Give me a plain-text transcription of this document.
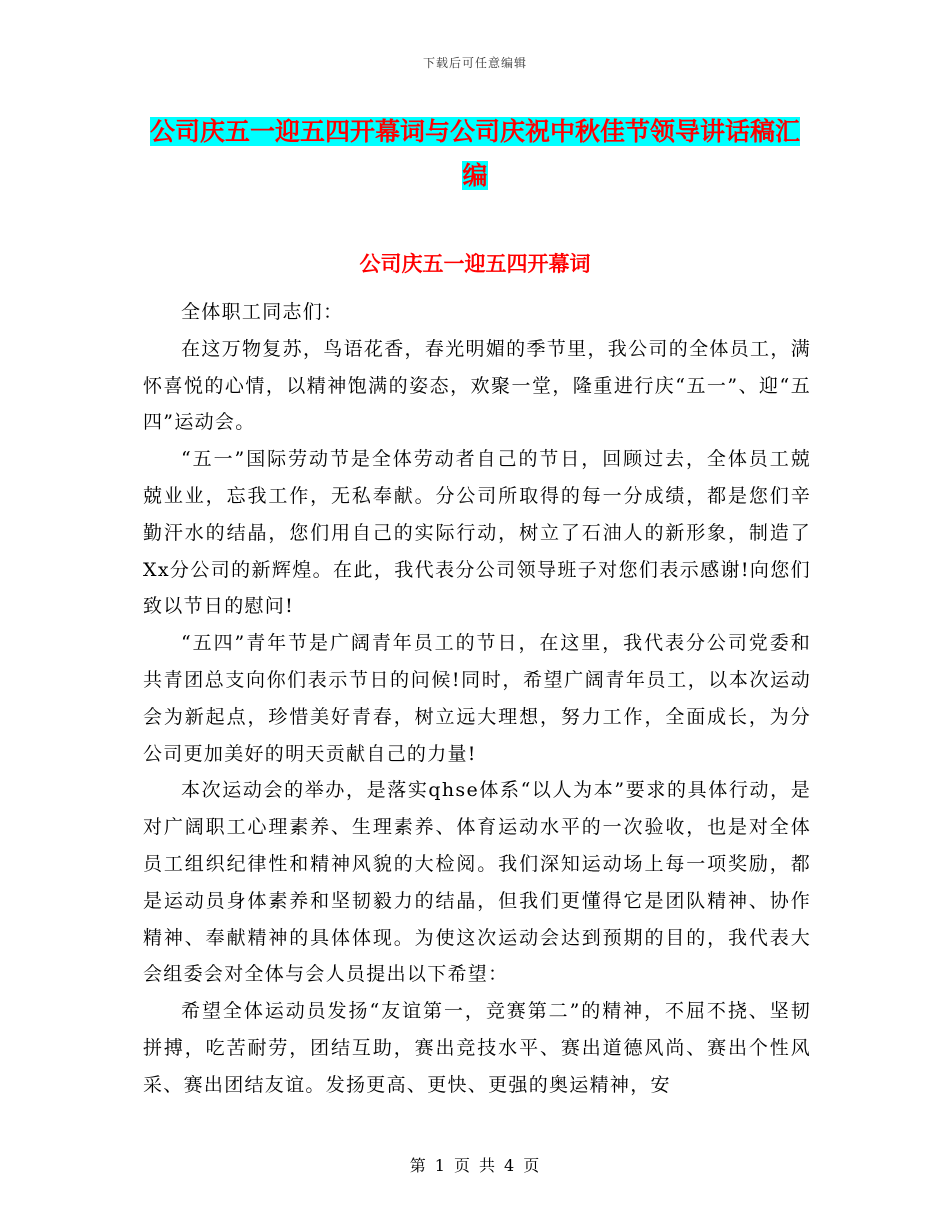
下载后可任意编辑
公司庆五一迎五四开幕词与公司庆祝中秋佳节领导讲话稿汇编
公司庆五一迎五四开幕词

全体职工同志们：

在这万物复苏，鸟语花香，春光明媚的季节里，我公司的全体员工，满怀喜悦的心情，以精神饱满的姿态，欢聚一堂，隆重进行庆“五一”、迎“五四”运动会。

“五一”国际劳动节是全体劳动者自己的节日，回顾过去，全体员工兢兢业业，忘我工作，无私奉献。分公司所取得的每一分成绩，都是您们辛勤汗水的结晶，您们用自己的实际行动，树立了石油人的新形象，制造了Xx分公司的新辉煌。在此，我代表分公司领导班子对您们表示感谢!向您们致以节日的慰问!

“五四”青年节是广阔青年员工的节日，在这里，我代表分公司党委和共青团总支向你们表示节日的问候!同时，希望广阔青年员工，以本次运动会为新起点，珍惜美好青春，树立远大理想，努力工作，全面成长，为分公司更加美好的明天贡献自己的力量!

本次运动会的举办，是落实qhse体系“以人为本”要求的具体行动，是对广阔职工心理素养、生理素养、体育运动水平的一次验收，也是对全体员工组织纪律性和精神风貌的大检阅。我们深知运动场上每一项奖励，都是运动员身体素养和坚韧毅力的结晶，但我们更懂得它是团队精神、协作精神、奉献精神的具体体现。为使这次运动会达到预期的目的，我代表大会组委会对全体与会人员提出以下希望：

希望全体运动员发扬“友谊第一，竞赛第二”的精神，不屈不挠、坚韧拼搏，吃苦耐劳，团结互助，赛出竞技水平、赛出道德风尚、赛出个性风采、赛出团结友谊。发扬更高、更快、更强的奥运精神，安

第 1 页 共 4 页
